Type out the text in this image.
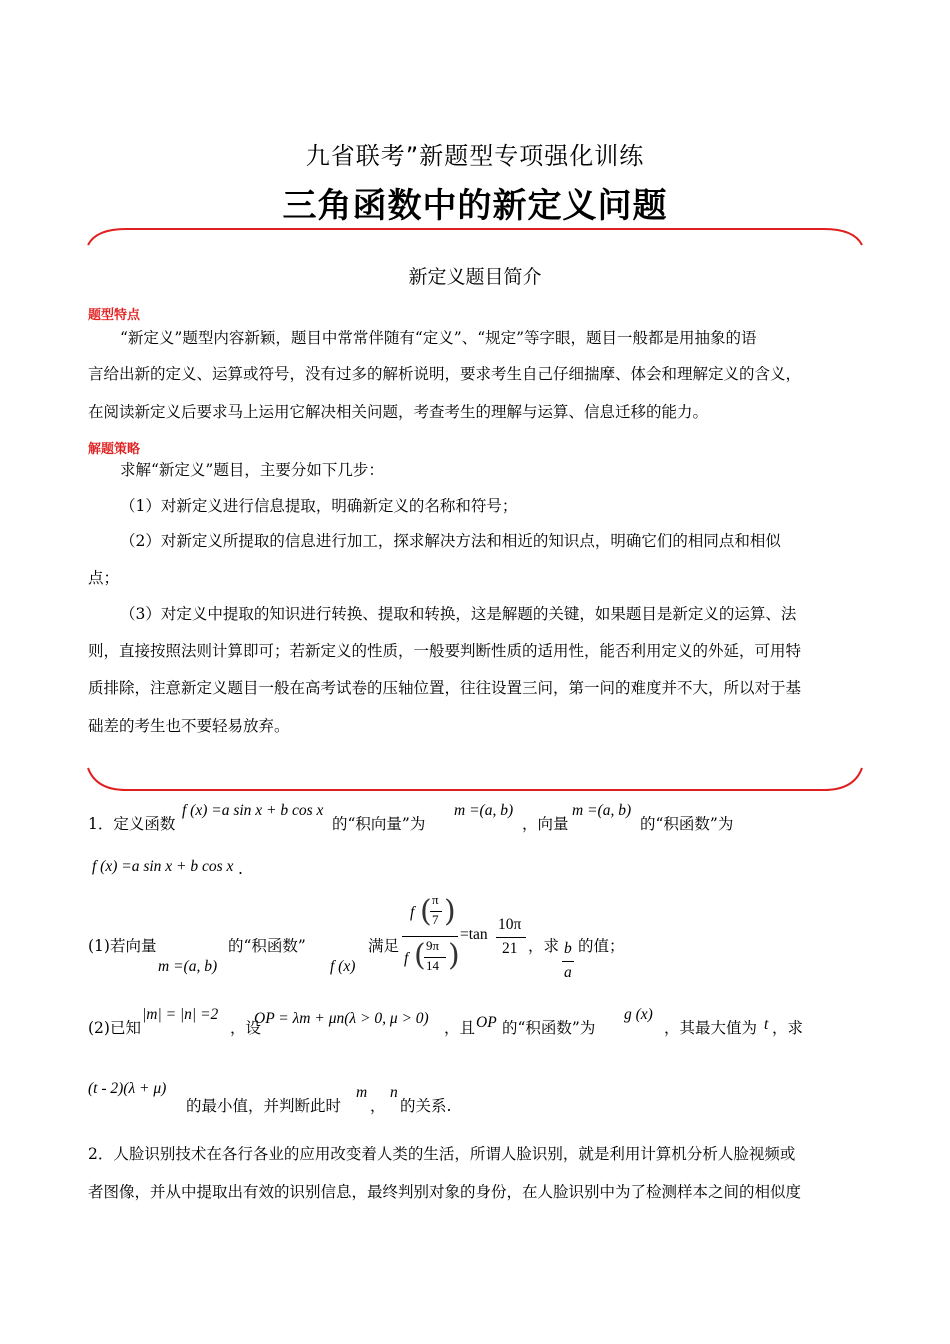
九省联考”新题型专项强化训练
三角函数中的新定义问题
新定义题目简介
题型特点
“新定义”题型内容新颖，题目中常常伴随有“定义”、“规定”等字眼，题目一般都是用抽象的语
言给出新的定义、运算或符号，没有过多的解析说明，要求考生自己仔细揣摩、体会和理解定义的含义，
在阅读新定义后要求马上运用它解决相关问题，考查考生的理解与运算、信息迁移的能力。
解题策略
求解“新定义”题目，主要分如下几步：
（1）对新定义进行信息提取，明确新定义的名称和符号；
（2）对新定义所提取的信息进行加工，探求解决方法和相近的知识点，明确它们的相同点和相似
点；
（3）对定义中提取的知识进行转换、提取和转换，这是解题的关键，如果题目是新定义的运算、法
则，直接按照法则计算即可；若新定义的性质，一般要判断性质的适用性，能否利用定义的外延，可用特
质排除，注意新定义题目一般在高考试卷的压轴位置，往往设置三问，第一问的难度并不大，所以对于基
础差的考生也不要轻易放弃。
1．定义函数
f (x) =a sin x + b cos x
的“积向量”为
m =(a, b)
，向量
m =(a, b)
的“积函数”为
f (x) =a sin x + b cos x .
(1)若向量
m =(a, b)
的“积函数”
f (x)
满足
f ( π
7 )
f ( 9π
14 )
=tan
10π
21 ，求 b
a
的值；
(2)已知
|m| = |n| =2
，设
OP = λm + μn(λ > 0, μ > 0)
，且 OP 的“积函数”为
g (x)
，其最大值为 t ，求
(t - 2)(λ + μ)
的最小值，并判断此时
m
，
n
的关系.
2．人脸识别技术在各行各业的应用改变着人类的生活，所谓人脸识别，就是利用计算机分析人脸视频或
者图像，并从中提取出有效的识别信息，最终判别对象的身份，在人脸识别中为了检测样本之间的相似度
